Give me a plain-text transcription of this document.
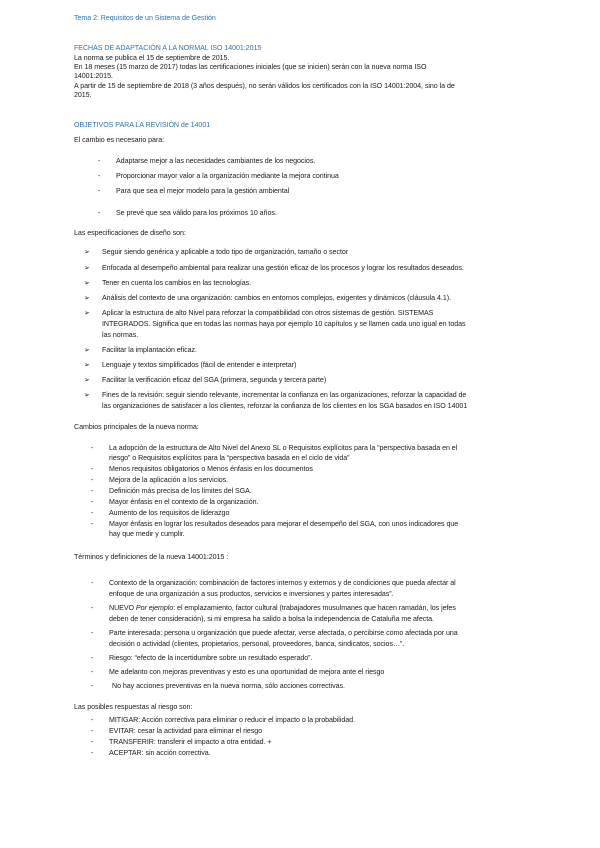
Tema 2: Requisitos de un Sistema de Gestión
FECHAS DE ADAPTACIÓN A LA NORMAL ISO 14001:2015
La norma se publica el 15 de septiembre de 2015.
En 18 meses (15 marzo de 2017) todas las certificaciones iniciales (que se inicien) serán con la nueva norma ISO
14001:2015.
A partir de 15 de septiembre de 2018 (3 años después), no serán válidos los certificados con la ISO 14001:2004, sino la de
2015.
OBJETIVOS PARA LA REVISIÓN de 14001
El cambio es necesario para:
- Adaptarse mejor a las necesidades cambiantes de los negocios.
- Proporcionar mayor valor a la organización mediante la mejora continua
- Para que sea el mejor modelo para la gestión ambiental
- Se prevé que sea válido para los próximos 10 años.
Las especificaciones de diseño son:
➢ Seguir siendo genérica y aplicable a todo tipo de organización, tamaño o sector
➢ Enfocada al desempeño ambiental para realizar una gestión eficaz de los procesos y lograr los resultados deseados.
➢ Tener en cuenta los cambios en las tecnologías.
➢ Análisis del contexto de una organización: cambios en entornos complejos, exigentes y dinámicos (cláusula 4.1).
➢ Aplicar la estructura de alto Nivel para reforzar la compatibilidad con otros sistemas de gestión. SISTEMAS
INTEGRADOS. Significa que en todas las normas haya por ejemplo 10 capítulos y se llamen cada uno igual en todas
las normas.
➢ Facilitar la implantación eficaz.
➢ Lenguaje y textos simplificados (fácil de entender e interpretar)
➢ Facilitar la verificación eficaz del SGA (primera, segunda y tercera parte)
➢ Fines de la revisión: seguir siendo relevante, incrementar la confianza en las organizaciones, reforzar la capacidad de
las organizaciones de satisfacer a los clientes, reforzar la confianza de los clientes en los SGA basados en ISO 14001
Cambios principales de la nueva norma:
- La adopción de la estructura de Alto Nivel del Anexo SL o Requisitos explícitos para la “perspectiva basada en el
riesgo” o Requisitos explícitos para la “perspectiva basada en el ciclo de vida”
- Menos requisitos obligatorios o Menos énfasis en los documentos
- Mejora de la aplicación a los servicios.
- Definición más precisa de los límites del SGA.
- Mayor énfasis en el contexto de la organización.
- Aumento de los requisitos de liderazgo
- Mayor énfasis en lograr los resultados deseados para mejorar el desempeño del SGA, con unos indicadores que
hay que medir y cumplir.
Términos y definiciones de la nueva 14001:2015 :
- Contexto de la organización: combinación de factores internos y externos y de condiciones que pueda afectar al
enfoque de una organización a sus productos, servicios e inversiones y partes interesadas”.
- NUEVO Por ejemplo: el emplazamiento, factor cultural (trabajadores musulmanes que hacen ramadán, los jefes
deben de tener consideración), si mi empresa ha salido a bolsa la independencia de Cataluña me afecta.
- Parte interesada: persona u organización que puede afectar, verse afectada, o percibirse como afectada por una
decisión o actividad (clientes, propietarios, personal, proveedores, banca, sindicatos, socios…”.
- Riesgo: “efecto de la incertidumbre sobre un resultado esperado”.
- Me adelanto con mejoras preventivas y esto es una oportunidad de mejora ante el riesgo
-	No hay acciones preventivas en la nueva norma, sólo acciones correctivas.
Las posibles respuestas al riesgo son:
- MITIGAR: Acción correctiva para eliminar o reducir el impacto o la probabilidad.
- EVITAR: cesar la actividad para eliminar el riesgo
- TRANSFERIR: transferir el impacto a otra entidad. +
- ACEPTAR: sin acción correctiva.
